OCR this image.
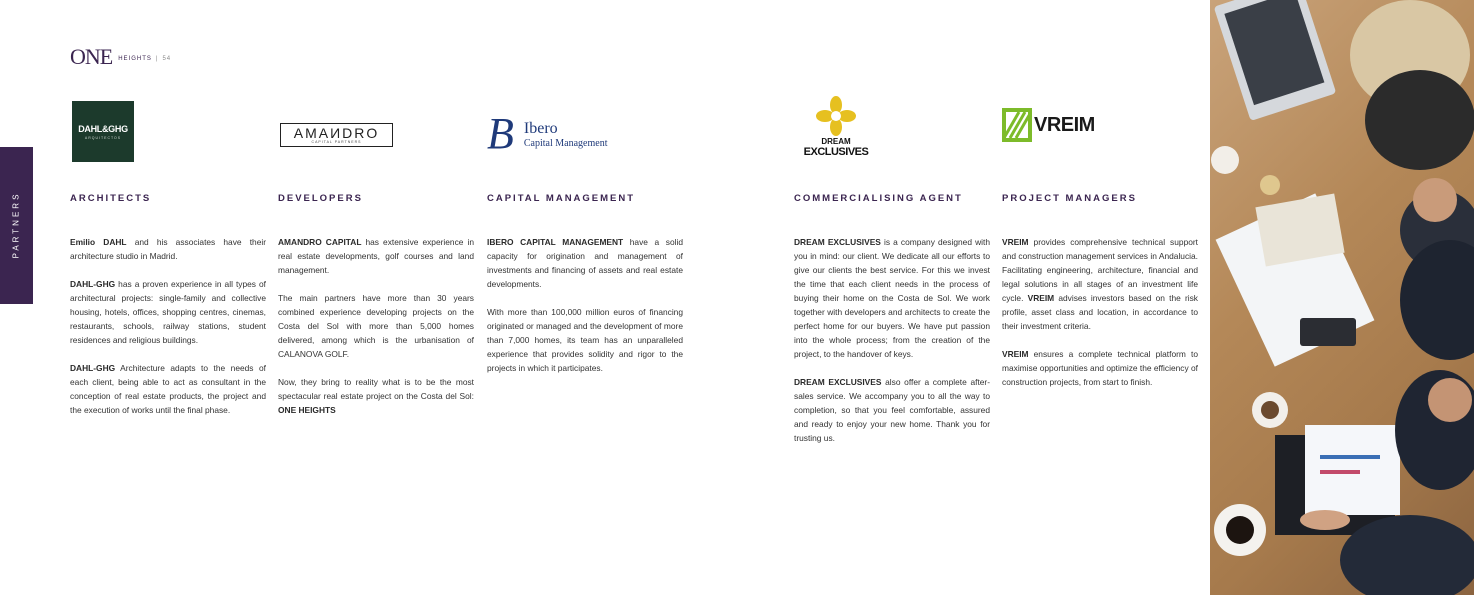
ONE HEIGHTS | 54
PARTNERS
DAHL&GHG
ARQUITECTOS
ARCHITECTS

Emilio DAHL and his associates have their architecture studio in Madrid.

DAHL-GHG has a proven experience in all types of architectural projects: single-family and collective housing, hotels, offices, shopping centres, cinemas, restaurants, schools, railway stations, student residences and religious buildings.

DAHL-GHG Architecture adapts to the needs of each client, being able to act as consultant in the conception of real estate products, the project and the execution of works until the final phase.

AMAИDRO
CAPITAL PARTNERS
DEVELOPERS

AMANDRO CAPITAL has extensive experience in real estate developments, golf courses and land management.

The main partners have more than 30 years combined experience developing projects on the Costa del Sol with more than 5,000 homes delivered, among which is the urbanisation of CALANOVA GOLF.

Now, they bring to reality what is to be the most spectacular real estate project on the Costa del Sol: ONE HEIGHTS

B Ibero
Capital Management
CAPITAL MANAGEMENT

IBERO CAPITAL MANAGEMENT have a solid capacity for origination and management of investments and financing of assets and real estate developments.

With more than 100,000 million euros of financing originated or managed and the development of more than 7,000 homes, its team has an unparalleled experience that provides solidity and rigor to the projects in which it participates.

DREAM
EXCLUSIVES
COMMERCIALISING AGENT

DREAM EXCLUSIVES is a company designed with you in mind: our client. We dedicate all our efforts to give our clients the best service. For this we invest the time that each client needs in the process of buying their home on the Costa de Sol. We work together with developers and architects to create the perfect home for our buyers. We have put passion into the whole process; from the creation of the project, to the handover of keys.

DREAM EXCLUSIVES also offer a complete after-sales service. We accompany you to all the way to completion, so that you feel comfortable, assured and ready to enjoy your new home. Thank you for trusting us.

VREIM
PROJECT MANAGERS

VREIM provides comprehensive technical support and construction management services in Andalucia. Facilitating engineering, architecture, financial and legal solutions in all stages of an investment life cycle. VREIM advises investors based on the risk profile, asset class and location, in accordance to their investment criteria.

VREIM ensures a complete technical platform to maximise opportunities and optimize the efficiency of construction projects, from start to finish.
